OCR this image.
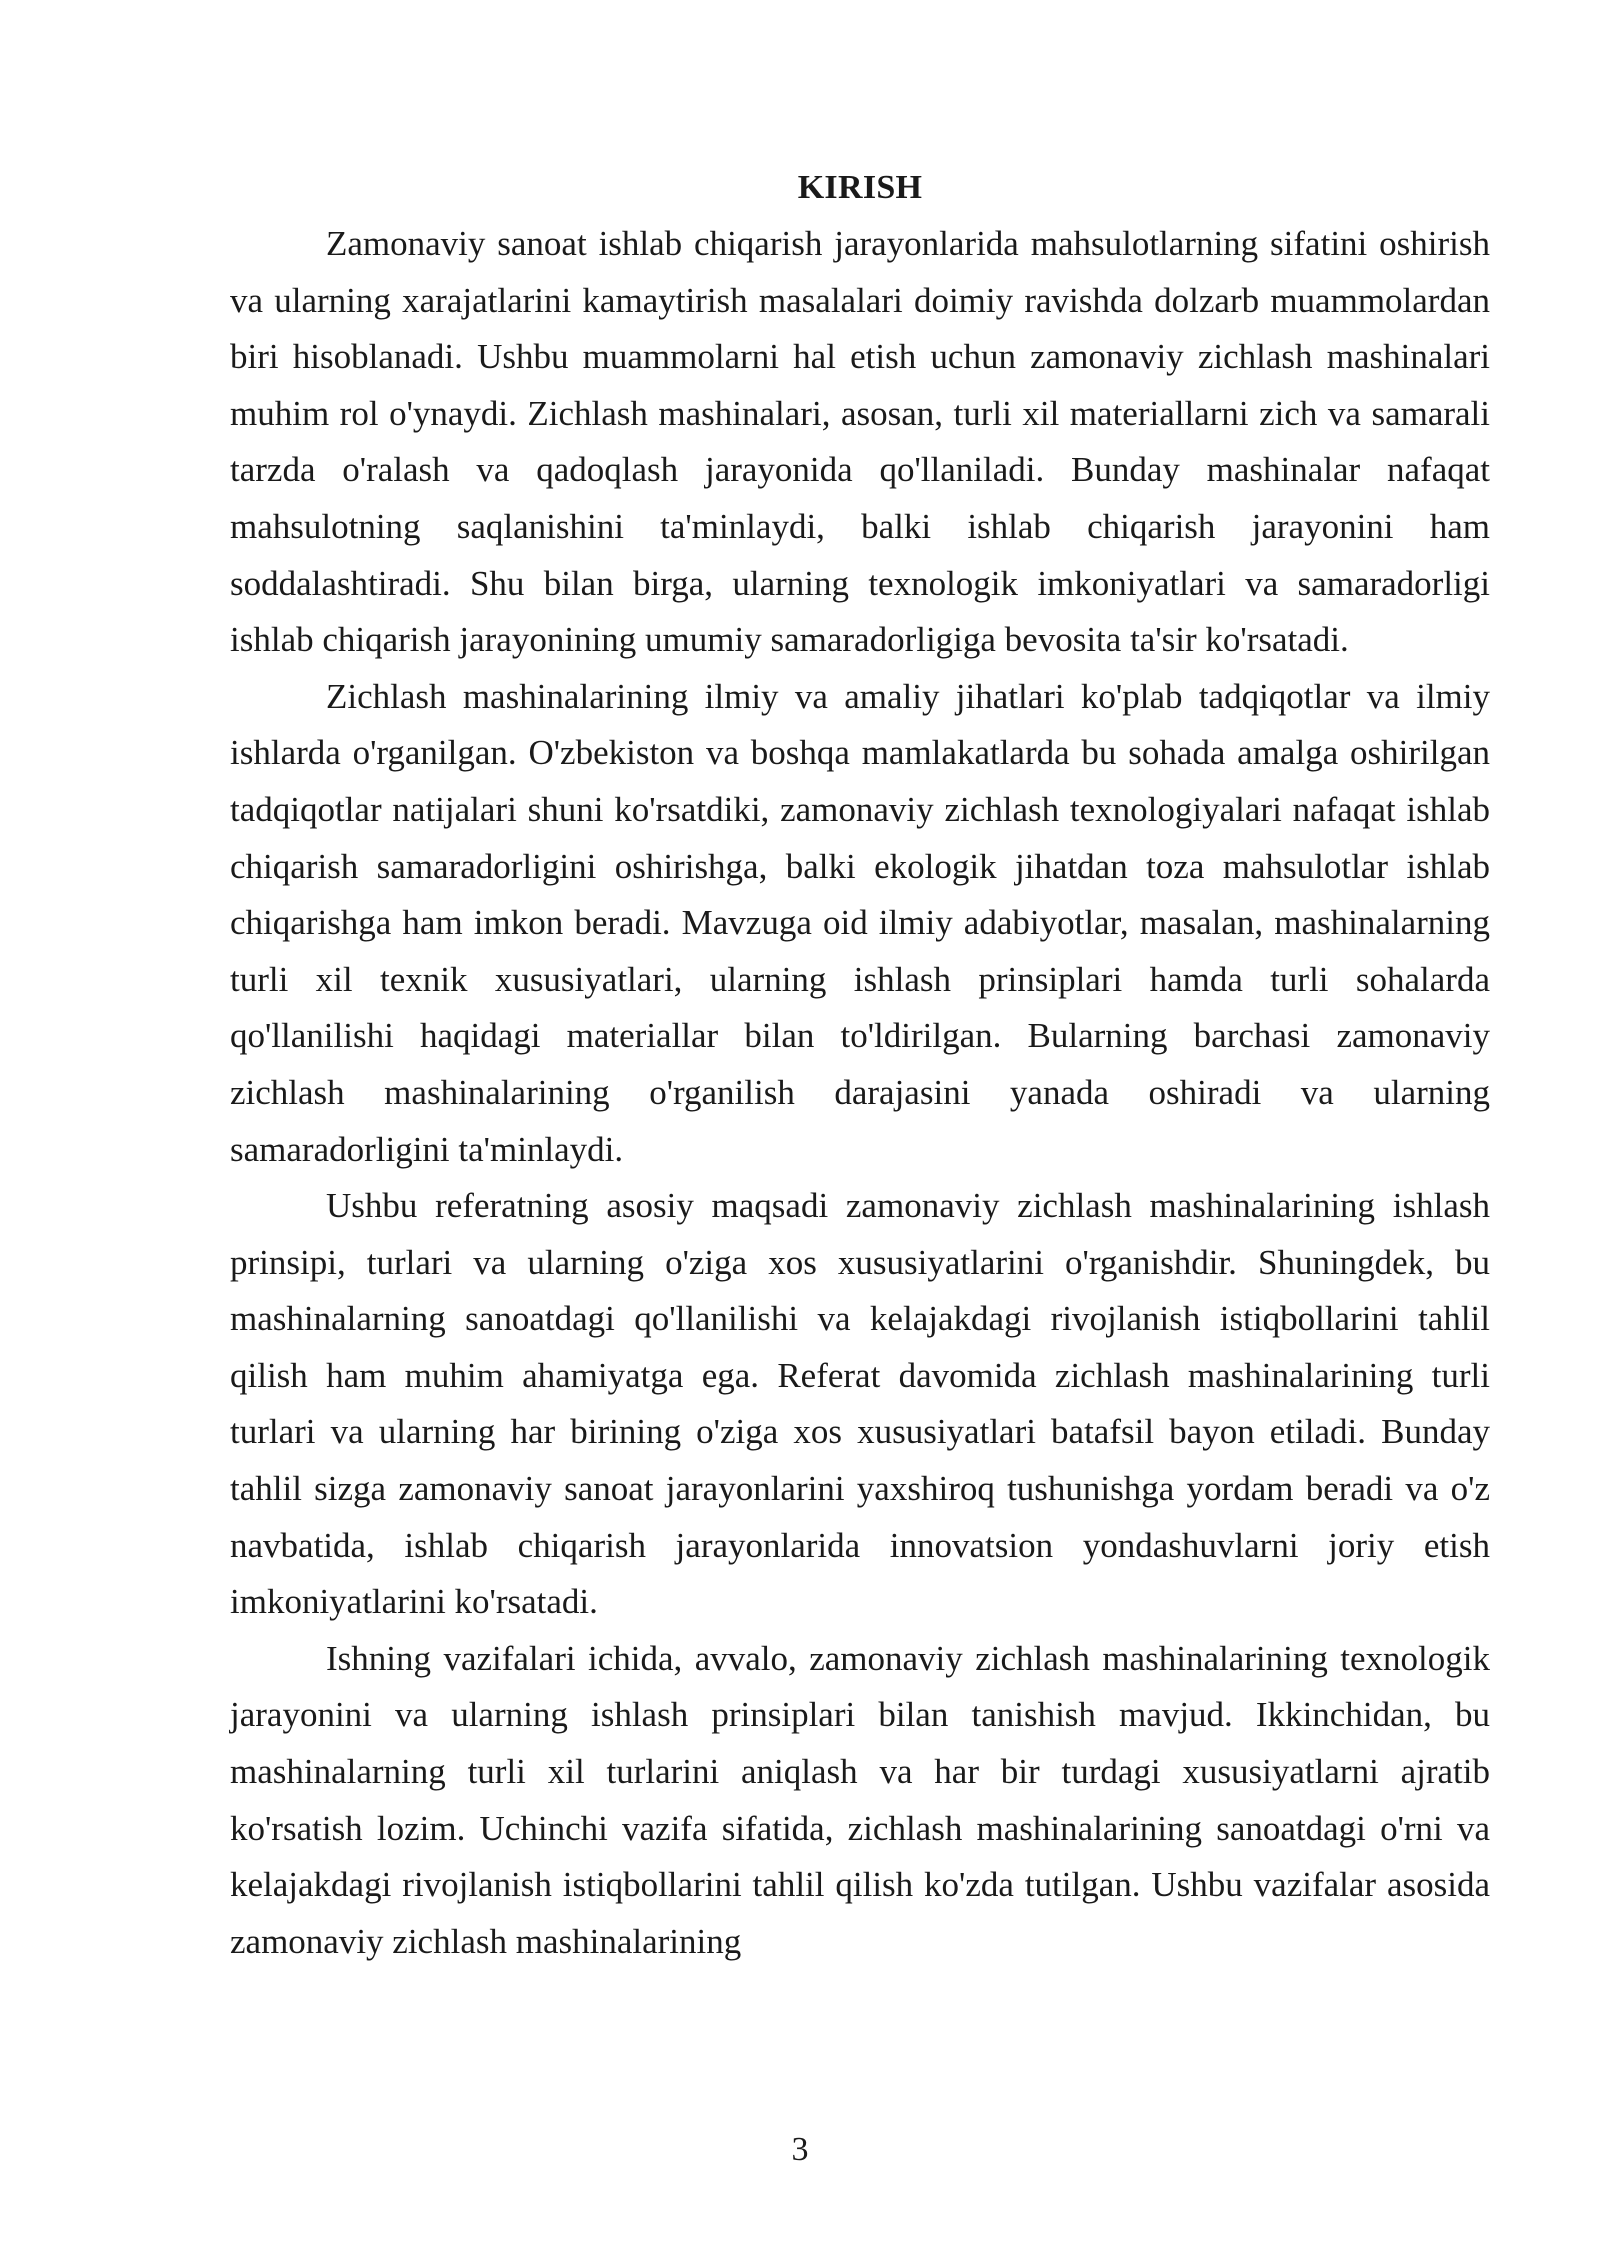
KIRISH

Zamonaviy sanoat ishlab chiqarish jarayonlarida mahsulotlarning sifatini oshirish va ularning xarajatlarini kamaytirish masalalari doimiy ravishda dolzarb muammolardan biri hisoblanadi. Ushbu muammolarni hal etish uchun zamonaviy zichlash mashinalari muhim rol o'ynaydi. Zichlash mashinalari, asosan, turli xil materiallarni zich va samarali tarzda o'ralash va qadoqlash jarayonida qo'llaniladi. Bunday mashinalar nafaqat mahsulotning saqlanishini ta'minlaydi, balki ishlab chiqarish jarayonini ham soddalashtiradi. Shu bilan birga, ularning texnologik imkoniyatlari va samaradorligi ishlab chiqarish jarayonining umumiy samaradorligiga bevosita ta'sir ko'rsatadi.

Zichlash mashinalarining ilmiy va amaliy jihatlari ko'plab tadqiqotlar va ilmiy ishlarda o'rganilgan. O'zbekiston va boshqa mamlakatlarda bu sohada amalga oshirilgan tadqiqotlar natijalari shuni ko'rsatdiki, zamonaviy zichlash texnologiyalari nafaqat ishlab chiqarish samaradorligini oshirishga, balki ekologik jihatdan toza mahsulotlar ishlab chiqarishga ham imkon beradi. Mavzuga oid ilmiy adabiyotlar, masalan, mashinalarning turli xil texnik xususiyatlari, ularning ishlash prinsiplari hamda turli sohalarda qo'llanilishi haqidagi materiallar bilan to'ldirilgan. Bularning barchasi zamonaviy zichlash mashinalarining o'rganilish darajasini yanada oshiradi va ularning samaradorligini ta'minlaydi.

Ushbu referatning asosiy maqsadi zamonaviy zichlash mashinalarining ishlash prinsipi, turlari va ularning o'ziga xos xususiyatlarini o'rganishdir. Shuningdek, bu mashinalarning sanoatdagi qo'llanilishi va kelajakdagi rivojlanish istiqbollarini tahlil qilish ham muhim ahamiyatga ega. Referat davomida zichlash mashinalarining turli turlari va ularning har birining o'ziga xos xususiyatlari batafsil bayon etiladi. Bunday tahlil sizga zamonaviy sanoat jarayonlarini yaxshiroq tushunishga yordam beradi va o'z navbatida, ishlab chiqarish jarayonlarida innovatsion yondashuvlarni joriy etish imkoniyatlarini ko'rsatadi.

Ishning vazifalari ichida, avvalo, zamonaviy zichlash mashinalarining texnologik jarayonini va ularning ishlash prinsiplari bilan tanishish mavjud. Ikkinchidan, bu mashinalarning turli xil turlarini aniqlash va har bir turdagi xususiyatlarni ajratib ko'rsatish lozim. Uchinchi vazifa sifatida, zichlash mashinalarining sanoatdagi o'rni va kelajakdagi rivojlanish istiqbollarini tahlil qilish ko'zda tutilgan. Ushbu vazifalar asosida zamonaviy zichlash mashinalarining

3
